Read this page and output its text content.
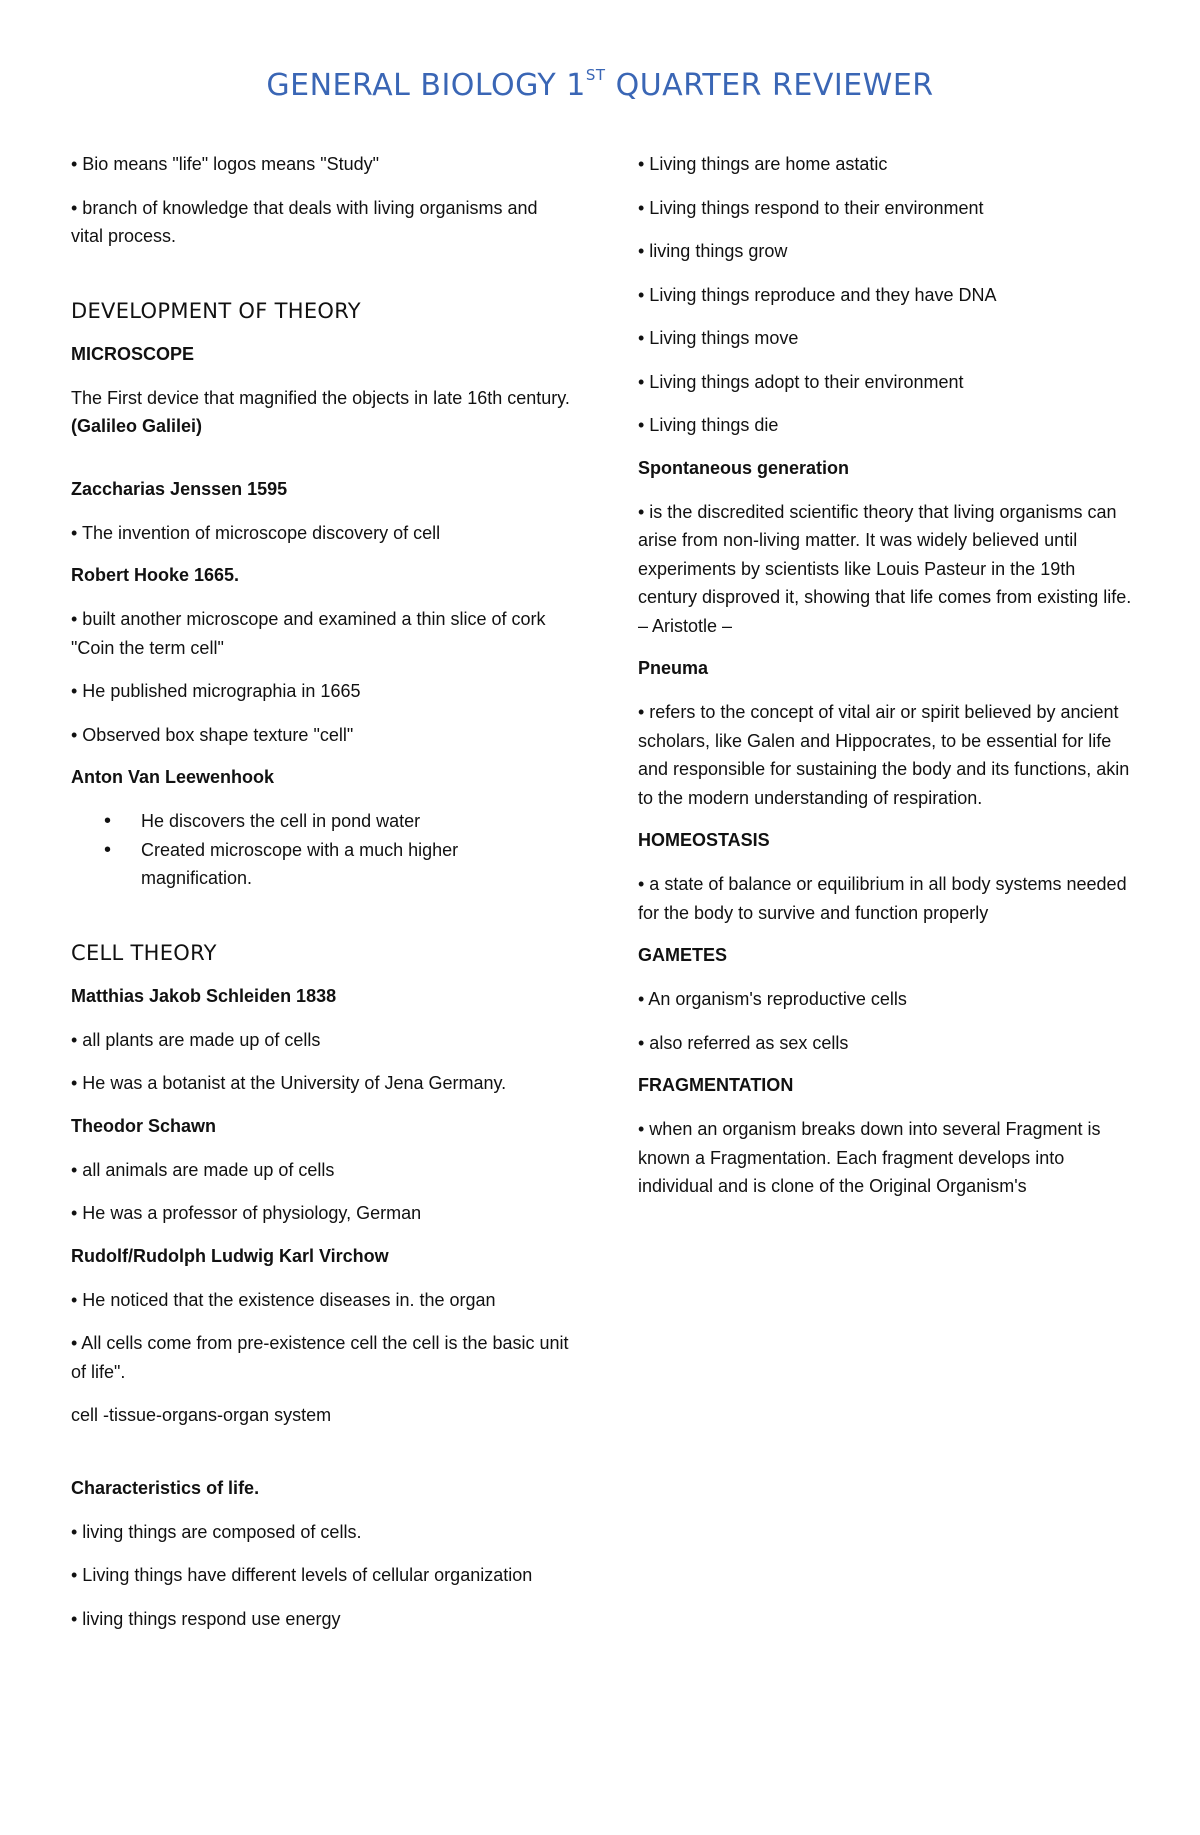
GENERAL BIOLOGY 1ST QUARTER REVIEWER

• Bio means "life" logos means "Study"

• branch of knowledge that deals with living organisms and vital process.

DEVELOPMENT OF THEORY
MICROSCOPE

The First device that magnified the objects in late 16th century. (Galileo Galilei)

Zaccharias Jenssen 1595

• The invention of microscope discovery of cell

Robert Hooke 1665.

• built another microscope and examined a thin slice of cork "Coin the term cell"

• He published micrographia in 1665

• Observed box shape texture "cell"

Anton Van Leewenhook
• He discovers the cell in pond water
• Created microscope with a much higher magnification.
CELL THEORY
Matthias Jakob Schleiden 1838

• all plants are made up of cells

• He was a botanist at the University of Jena Germany.

Theodor Schawn

• all animals are made up of cells

• He was a professor of physiology, German

Rudolf/Rudolph Ludwig Karl Virchow

• He noticed that the existence diseases in. the organ

• All cells come from pre-existence cell the cell is the basic unit of life".

cell -tissue-organs-organ system

Characteristics of life.

• living things are composed of cells.

• Living things have different levels of cellular organization

• living things respond use energy

• Living things are home astatic

• Living things respond to their environment

• living things grow

• Living things reproduce and they have DNA

• Living things move

• Living things adopt to their environment

• Living things die

Spontaneous generation

• is the discredited scientific theory that living organisms can arise from non-living matter. It was widely believed until experiments by scientists like Louis Pasteur in the 19th century disproved it, showing that life comes from existing life. – Aristotle –

Pneuma

• refers to the concept of vital air or spirit believed by ancient scholars, like Galen and Hippocrates, to be essential for life and responsible for sustaining the body and its functions, akin to the modern understanding of respiration.

HOMEOSTASIS

• a state of balance or equilibrium in all body systems needed for the body to survive and function properly

GAMETES

• An organism's reproductive cells

• also referred as sex cells

FRAGMENTATION

• when an organism breaks down into several Fragment is known a Fragmentation. Each fragment develops into individual and is clone of the Original Organism's
